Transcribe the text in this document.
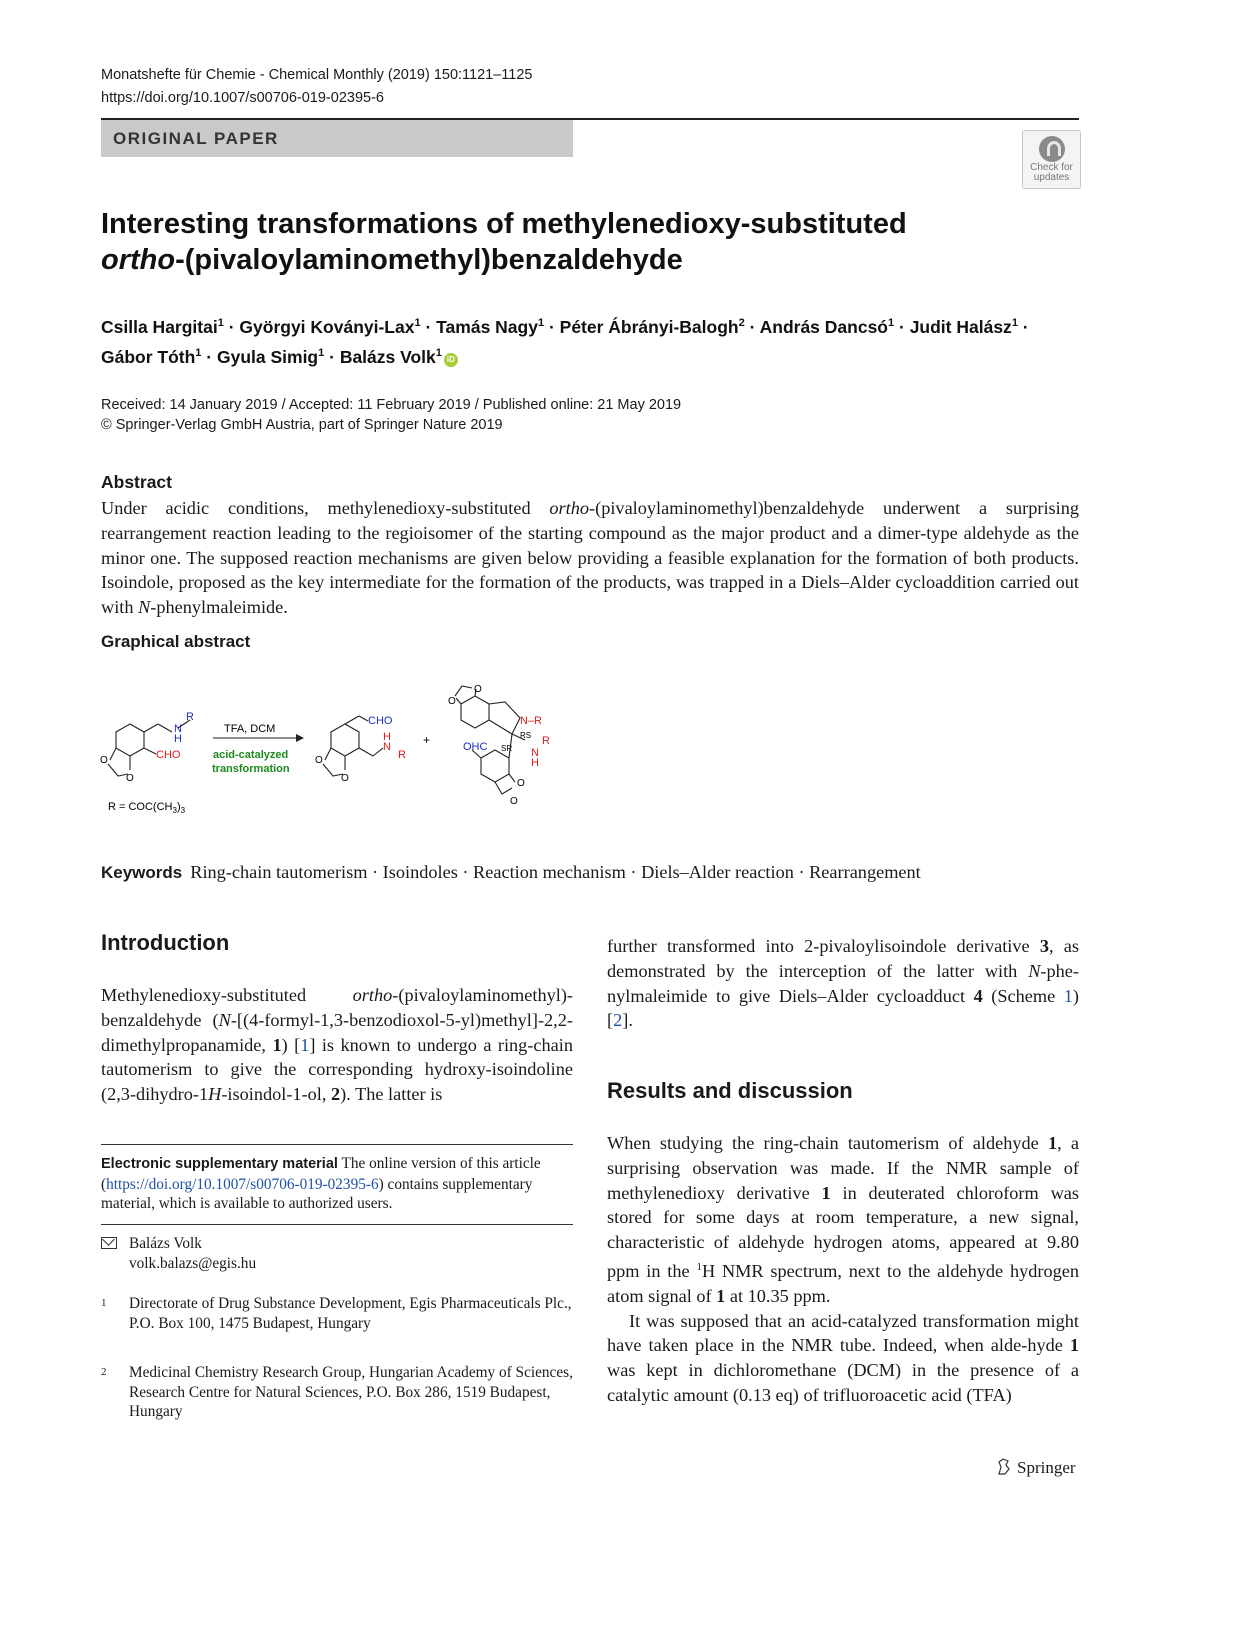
Monatshefte für Chemie - Chemical Monthly (2019) 150:1121–1125
https://doi.org/10.1007/s00706-019-02395-6
ORIGINAL PAPER
Check for
updates
Interesting transformations of methylenedioxy-substituted
ortho-(pivaloylaminomethyl)benzaldehyde
Csilla Hargitai$^1$ · Györgyi Koványi-Lax$^1$ · Tamás Nagy$^1$ · Péter Ábrányi-Balogh$^2$ · András Dancsó$^1$ · Judit Halász$^1$ ·
Gábor Tóth$^1$ · Gyula Simig$^1$ · Balázs Volk$^1$iD
Received: 14 January 2019 / Accepted: 11 February 2019 / Published online: 21 May 2019
© Springer-Verlag GmbH Austria, part of Springer Nature 2019
Abstract
Under acidic conditions, methylenedioxy-substituted ortho-(pivaloylaminomethyl)benzaldehyde underwent a surprising rearrangement reaction leading to the regioisomer of the starting compound as the major product and a dimer-type aldehyde as the minor one. The supposed reaction mechanisms are given below providing a feasible explanation for the formation of both products. Isoindole, proposed as the key intermediate for the formation of the products, was trapped in a Diels–Alder cycloaddition carried out with N-phenylmaleimide.
Graphical abstract
R
N
H
CHO
O
O
TFA, DCM
acid-catalyzed
transformation
CHO
H
N
R
O
O
+
O
O
N–R
RS
SR
OHC	R
N
H
O
O
$R = COC(CH_3)_3$
Keywords Ring-chain tautomerism · Isoindoles · Reaction mechanism · Diels–Alder reaction · Rearrangement
Introduction
Methylenedioxy-substituted ortho-(pivaloylaminomethyl)-benzaldehyde (N-[(4-formyl-1,3-benzodioxol-5-yl)methyl]-2,2-dimethylpropanamide, 1) [1] is known to undergo a ring-chain tautomerism to give the corresponding hydroxy-isoindoline (2,3-dihydro-1H-isoindol-1-ol, 2). The latter is
Electronic supplementary material The online version of this article (https://doi.org/10.1007/s00706-019-02395-6) contains supplementary material, which is available to authorized users.
Balázs Volk
volk.balazs@egis.hu
1 Directorate of Drug Substance Development, Egis Pharmaceuticals Plc., P.O. Box 100, 1475 Budapest, Hungary
2 Medicinal Chemistry Research Group, Hungarian Academy of Sciences, Research Centre for Natural Sciences, P.O. Box 286, 1519 Budapest, Hungary
further transformed into 2-pivaloylisoindole derivative 3, as demonstrated by the interception of the latter with N-phe-nylmaleimide to give Diels–Alder cycloadduct 4 (Scheme 1) [2].
Results and discussion
When studying the ring-chain tautomerism of aldehyde 1, a surprising observation was made. If the NMR sample of methylenedioxy derivative 1 in deuterated chloroform was stored for some days at room temperature, a new signal, characteristic of aldehyde hydrogen atoms, appeared at 9.80 ppm in the $^1$H NMR spectrum, next to the aldehyde hydrogen atom signal of 1 at 10.35 ppm.
It was supposed that an acid-catalyzed transformation might have taken place in the NMR tube. Indeed, when alde-hyde 1 was kept in dichloromethane (DCM) in the presence of a catalytic amount (0.13 eq) of trifluoroacetic acid (TFA)
Springer
